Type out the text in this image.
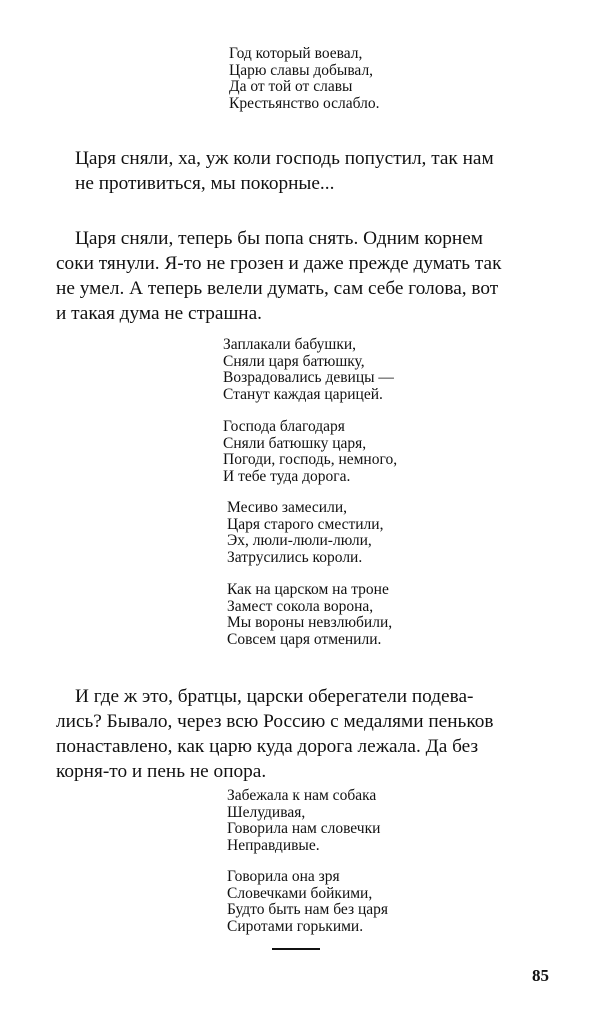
Год который воевал,
Царю славы добывал,
Да от той от славы
Крестьянство ослабло.
Царя сняли, ха, уж коли господь попустил, так нам
не противиться, мы покорные...
Царя сняли, теперь бы попа снять. Одним корнем
соки тянули. Я-то не грозен и даже прежде думать так
не умел. А теперь велели думать, сам себе голова, вот
и такая дума не страшна.
Заплакали бабушки,
Сняли царя батюшку,
Возрадовались девицы —
Станут каждая царицей.
Господа благодаря
Сняли батюшку царя,
Погоди, господь, немного,
И тебе туда дорога.
Месиво замесили,
Царя старого сместили,
Эх, люли-люли-люли,
Затрусились короли.
Как на царском на троне
Замест сокола ворона,
Мы вороны невзлюбили,
Совсем царя отменили.
И где ж это, братцы, царски оберегатели подева-
лись? Бывало, через всю Россию с медалями пеньков
понаставлено, как царю куда дорога лежала. Да без
корня-то и пень не опора.
Забежала к нам собака
Шелудивая,
Говорила нам словечки
Неправдивые.
Говорила она зря
Словечками бойкими,
Будто быть нам без царя
Сиротами горькими.
85
